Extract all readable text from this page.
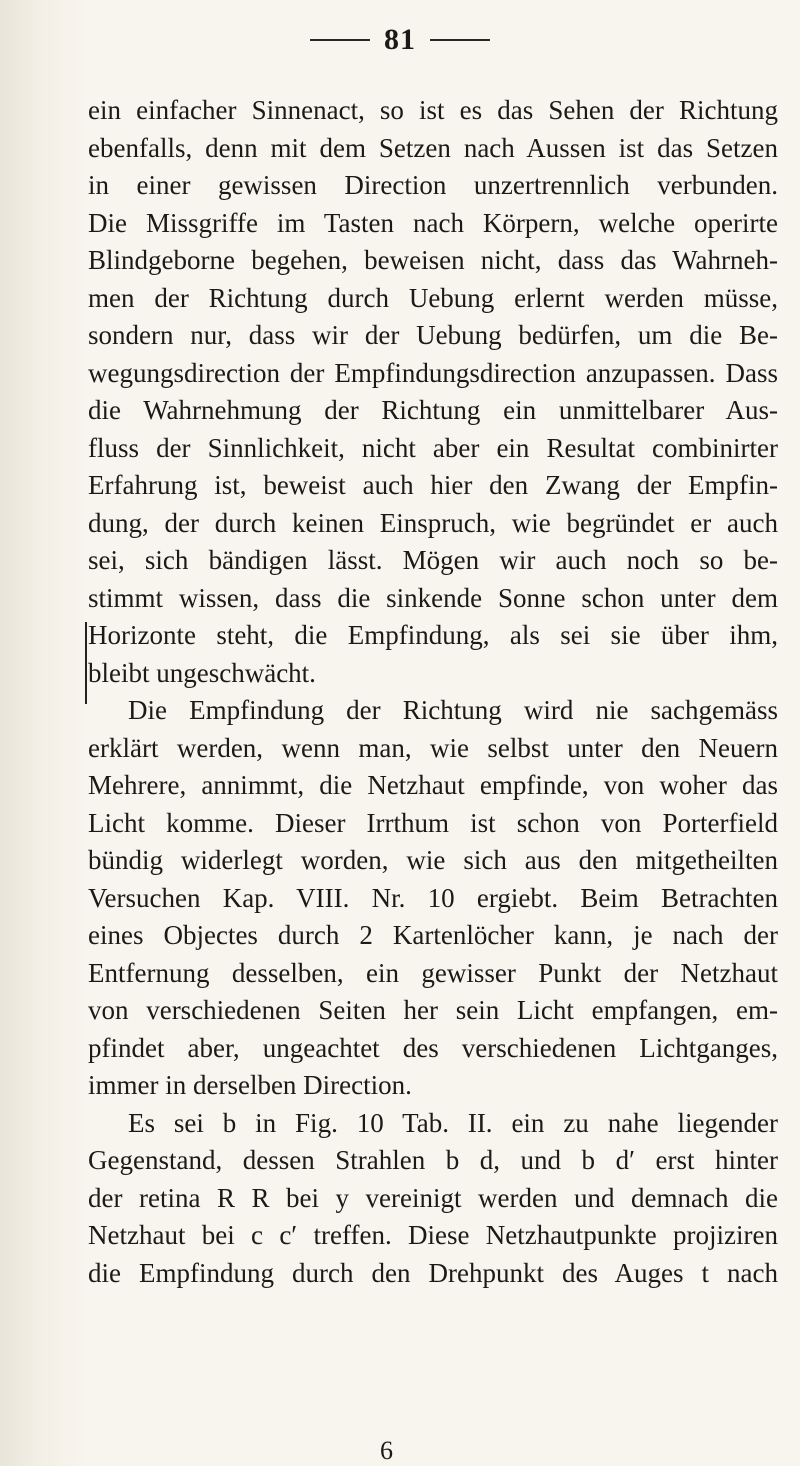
81
ein einfacher Sinnenact, so ist es das Sehen der Richtung
ebenfalls, denn mit dem Setzen nach Aussen ist das Setzen
in einer gewissen Direction unzertrennlich verbunden.
Die Missgriffe im Tasten nach Körpern, welche operirte
Blindgeborne begehen, beweisen nicht, dass das Wahrneh-
men der Richtung durch Uebung erlernt werden müsse,
sondern nur, dass wir der Uebung bedürfen, um die Be-
wegungsdirection der Empfindungsdirection anzupassen. Dass
die Wahrnehmung der Richtung ein unmittelbarer Aus-
fluss der Sinnlichkeit, nicht aber ein Resultat combinirter
Erfahrung ist, beweist auch hier den Zwang der Empfin-
dung, der durch keinen Einspruch, wie begründet er auch
sei, sich bändigen lässt. Mögen wir auch noch so be-
stimmt wissen, dass die sinkende Sonne schon unter dem
Horizonte steht, die Empfindung, als sei sie über ihm,
bleibt ungeschwächt.
Die Empfindung der Richtung wird nie sachgemäss
erklärt werden, wenn man, wie selbst unter den Neuern
Mehrere, annimmt, die Netzhaut empfinde, von woher das
Licht komme. Dieser Irrthum ist schon von Porterfield
bündig widerlegt worden, wie sich aus den mitgetheilten
Versuchen Kap. VIII. Nr. 10 ergiebt. Beim Betrachten
eines Objectes durch 2 Kartenlöcher kann, je nach der
Entfernung desselben, ein gewisser Punkt der Netzhaut
von verschiedenen Seiten her sein Licht empfangen, em-
pfindet aber, ungeachtet des verschiedenen Lichtganges,
immer in derselben Direction.
Es sei b in Fig. 10 Tab. II. ein zu nahe liegender
Gegenstand, dessen Strahlen b d, und b d′ erst hinter
der retina R R bei y vereinigt werden und demnach die
Netzhaut bei c c′ treffen. Diese Netzhautpunkte projiziren
die Empfindung durch den Drehpunkt des Auges t nach
6
